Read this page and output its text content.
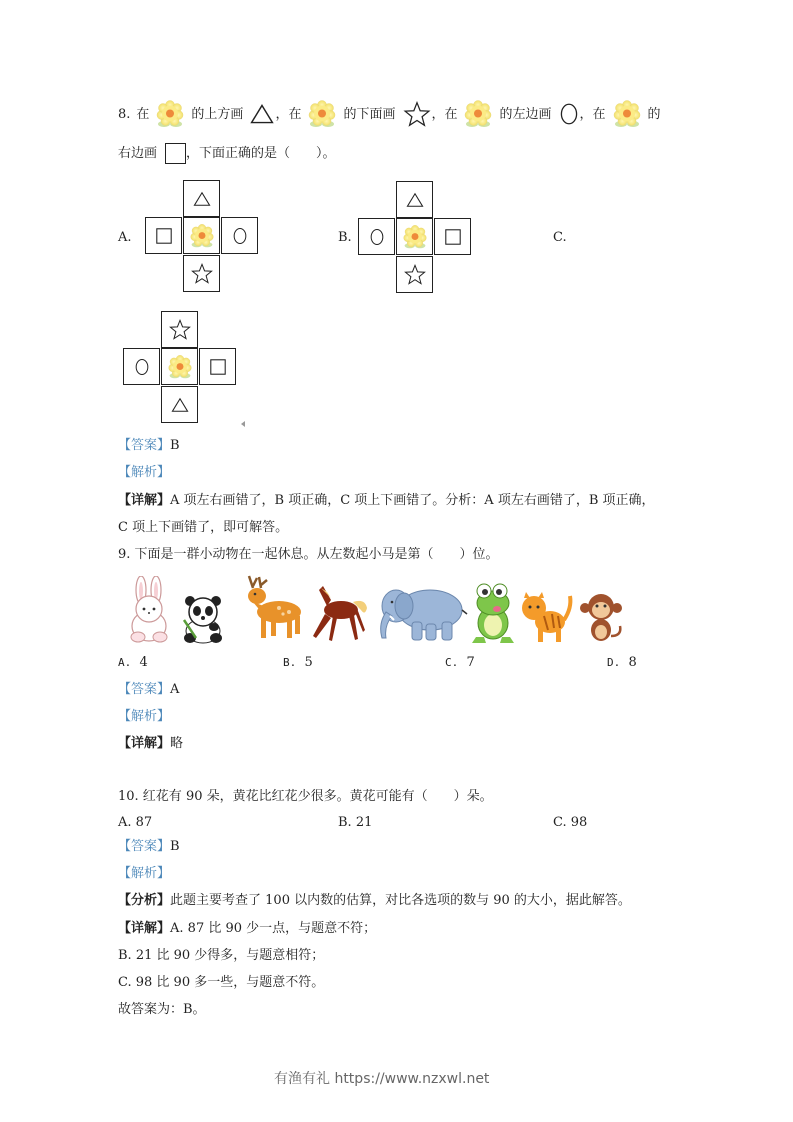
8. 在	的上方画 ，在	的下面画	，在	的左边画 ，在	的
右边画 ，下面正确的是（　　）。
A.	B.	C.
【答案】B
【解析】
【详解】A 项左右画错了，B 项正确，C 项上下画错了。分析：A 项左右画错了，B 项正确，
C 项上下画错了，即可解答。
9. 下面是一群小动物在一起休息。从左数起小马是第（　　）位。
A. 4	B. 5	C. 7	D. 8
【答案】A
【解析】
【详解】略
10. 红花有 90 朵，黄花比红花少很多。黄花可能有（　　）朵。
A. 87	B. 21	C. 98
【答案】B
【解析】
【分析】此题主要考查了 100 以内数的估算，对比各选项的数与 90 的大小，据此解答。
【详解】A. 87 比 90 少一点，与题意不符；
B. 21 比 90 少得多，与题意相符；
C. 98 比 90 多一些，与题意不符。
故答案为：B。
有渔有礼 https://www.nzxwl.net
